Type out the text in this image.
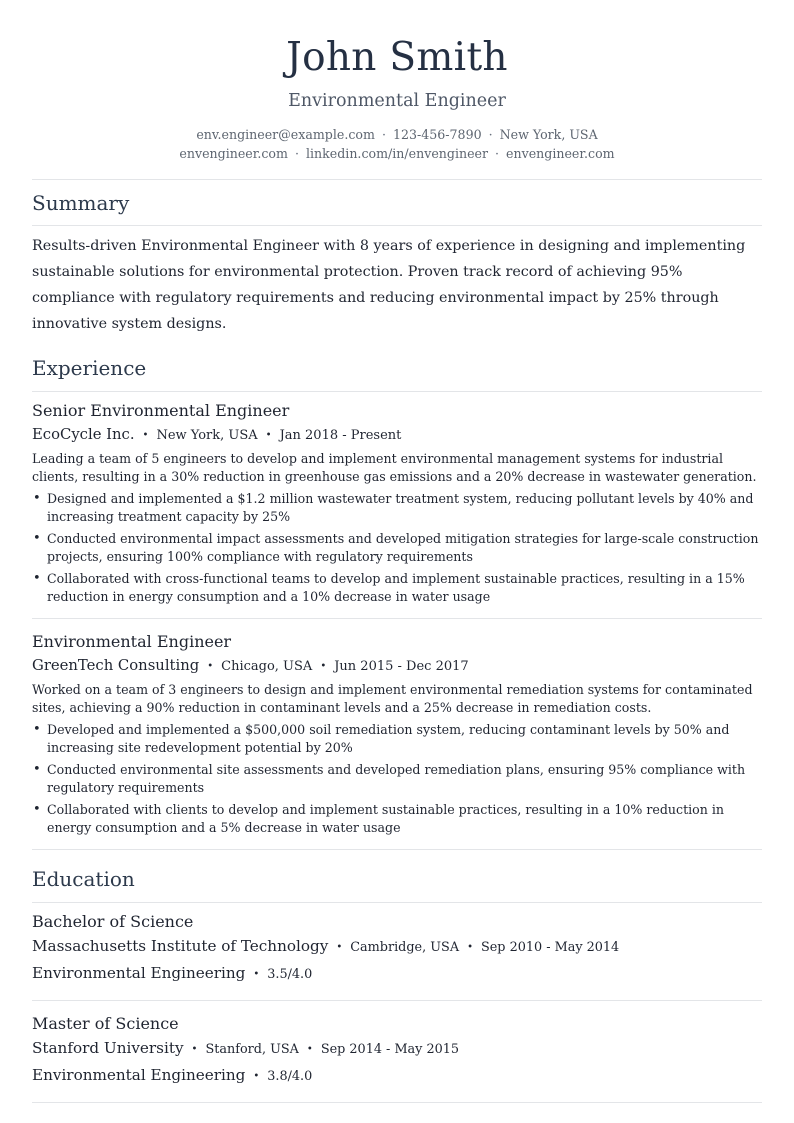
John Smith
Environmental Engineer
env.engineer@example.com · 123-456-7890 · New York, USA
envengineer.com · linkedin.com/in/envengineer · envengineer.com
Summary

Results-driven Environmental Engineer with 8 years of experience in designing and implementing sustainable solutions for environmental protection. Proven track record of achieving 95% compliance with regulatory requirements and reducing environmental impact by 25% through innovative system designs.

Experience
Senior Environmental Engineer
EcoCycle Inc. • New York, USA • Jan 2018 - Present

Leading a team of 5 engineers to develop and implement environmental management systems for industrial clients, resulting in a 30% reduction in greenhouse gas emissions and a 20% decrease in wastewater generation.

• Designed and implemented a $1.2 million wastewater treatment system, reducing pollutant levels by 40% and increasing treatment capacity by 25%
• Conducted environmental impact assessments and developed mitigation strategies for large-scale construction projects, ensuring 100% compliance with regulatory requirements
• Collaborated with cross-functional teams to develop and implement sustainable practices, resulting in a 15% reduction in energy consumption and a 10% decrease in water usage
Environmental Engineer
GreenTech Consulting • Chicago, USA • Jun 2015 - Dec 2017

Worked on a team of 3 engineers to design and implement environmental remediation systems for contaminated sites, achieving a 90% reduction in contaminant levels and a 25% decrease in remediation costs.

• Developed and implemented a $500,000 soil remediation system, reducing contaminant levels by 50% and increasing site redevelopment potential by 20%
• Conducted environmental site assessments and developed remediation plans, ensuring 95% compliance with regulatory requirements
• Collaborated with clients to develop and implement sustainable practices, resulting in a 10% reduction in energy consumption and a 5% decrease in water usage
Education
Bachelor of Science
Massachusetts Institute of Technology • Cambridge, USA • Sep 2010 - May 2014
Environmental Engineering • 3.5/4.0
Master of Science
Stanford University • Stanford, USA • Sep 2014 - May 2015
Environmental Engineering • 3.8/4.0
